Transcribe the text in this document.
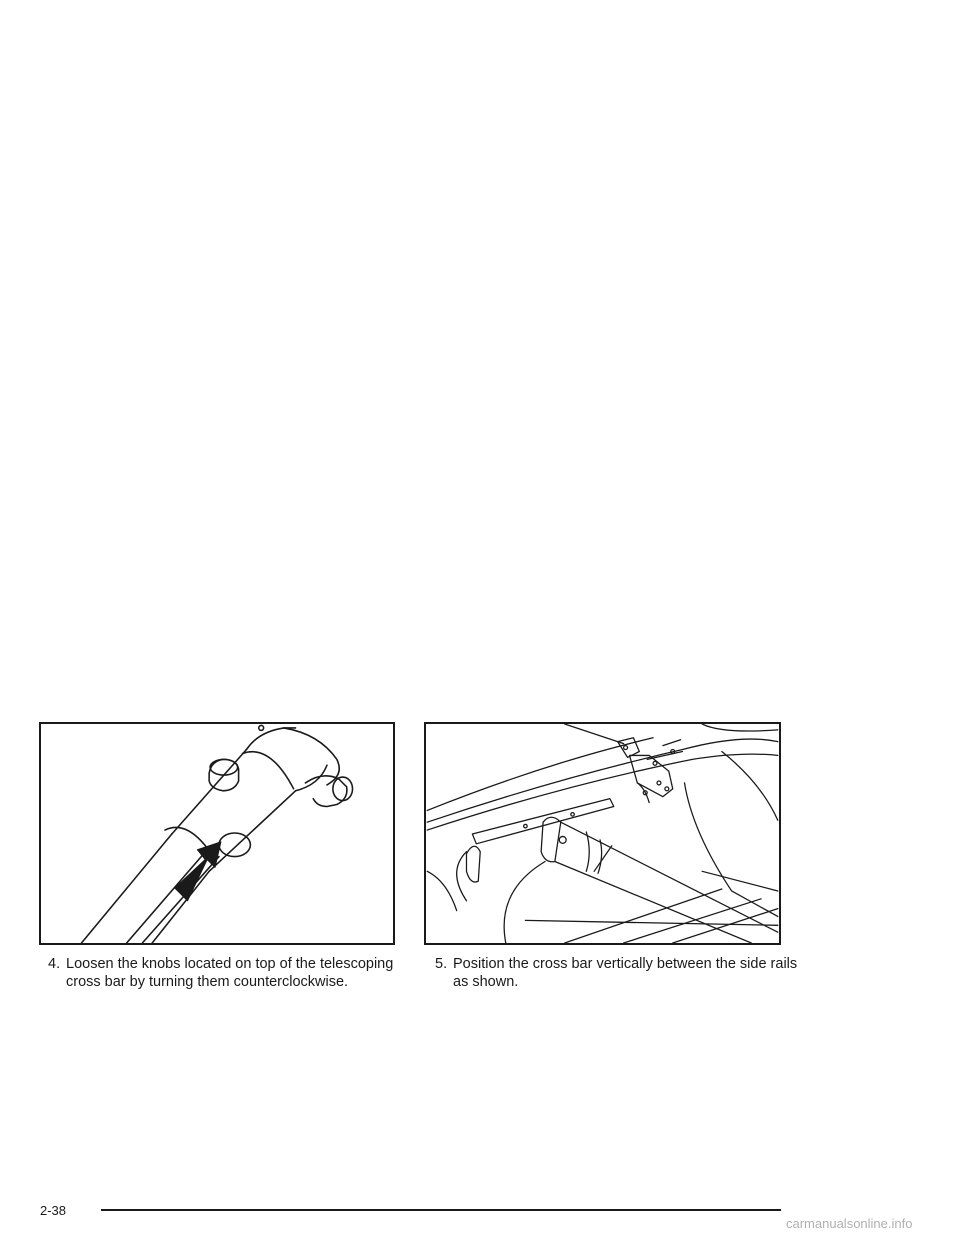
4. Loosen the knobs located on top of the telescoping cross bar by turning them counterclockwise.

5. Position the cross bar vertically between the side rails as shown.

2-38
carmanualsonline.info
